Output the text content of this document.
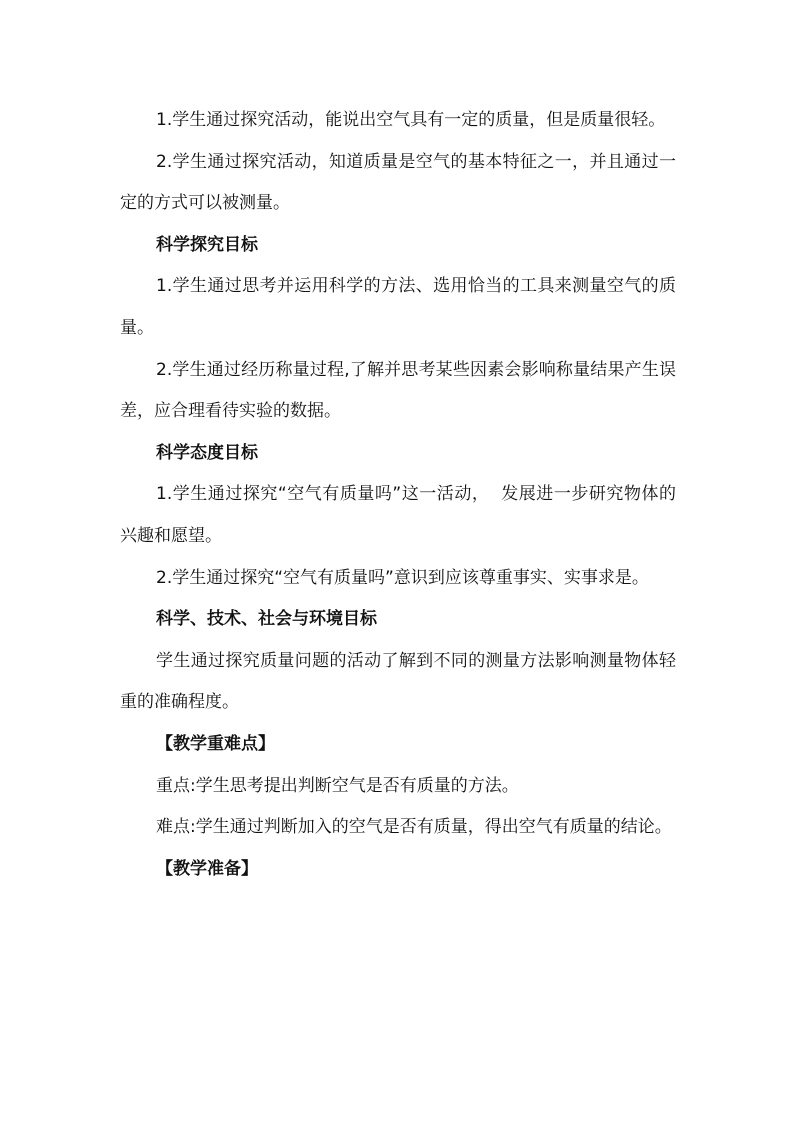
1.学生通过探究活动，能说出空气具有一定的质量，但是质量很轻。

2.学生通过探究活动，知道质量是空气的基本特征之一，并且通过一定的方式可以被测量。

科学探究目标

1.学生通过思考并运用科学的方法、选用恰当的工具来测量空气的质量。

2.学生通过经历称量过程,了解并思考某些因素会影响称量结果产生误差，应合理看待实验的数据。

科学态度目标

1.学生通过探究“空气有质量吗”这一活动，  发展进一步研究物体的兴趣和愿望。

2.学生通过探究“空气有质量吗”意识到应该尊重事实、实事求是。

科学、技术、社会与环境目标

学生通过探究质量问题的活动了解到不同的测量方法影响测量物体轻重的准确程度。

【教学重难点】

重点:学生思考提出判断空气是否有质量的方法。

难点:学生通过判断加入的空气是否有质量，得出空气有质量的结论。

【教学准备】
